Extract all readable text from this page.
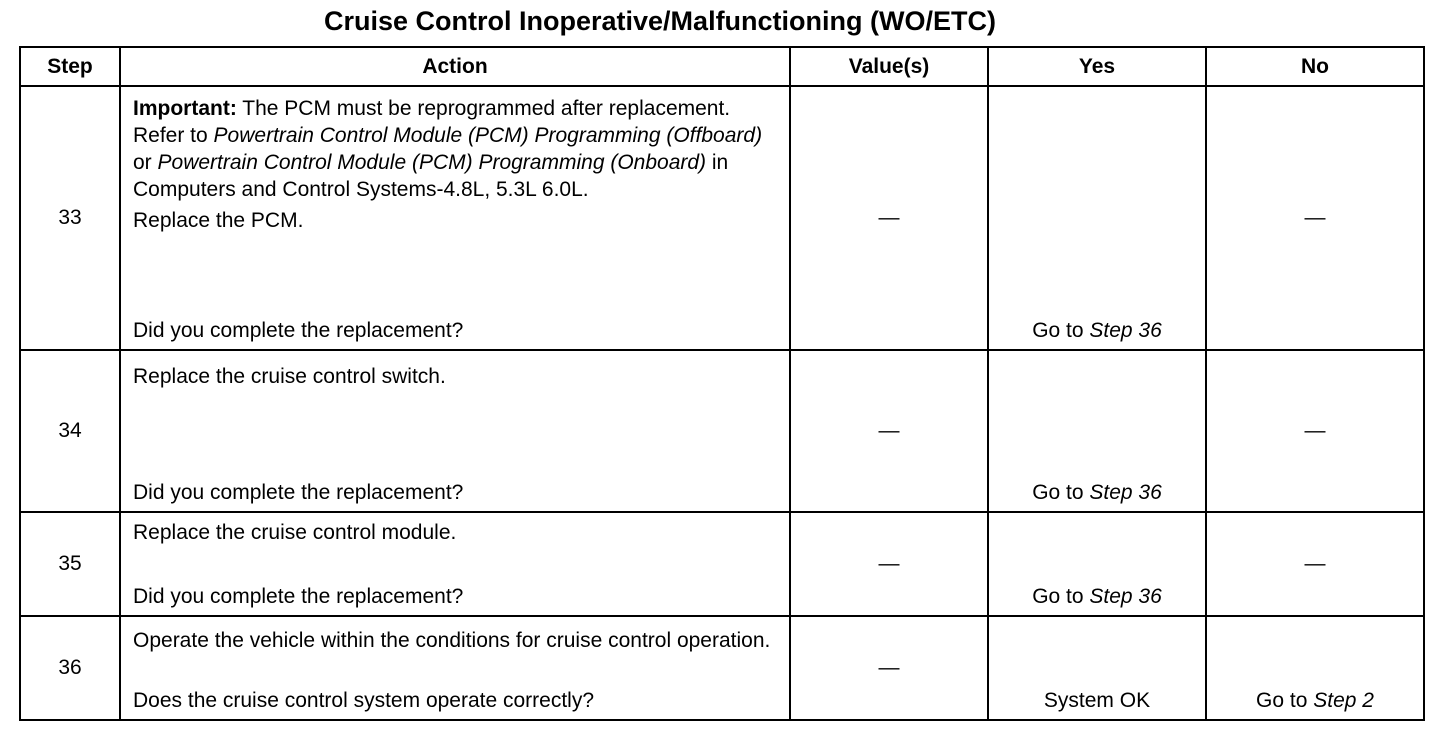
Cruise Control Inoperative/Malfunctioning (WO/ETC)
Step	Action	Value(s)	Yes	No
33	Important: The PCM must be reprogrammed after replacement. Refer to Powertrain Control Module (PCM) Programming (Offboard) or Powertrain Control Module (PCM) Programming (Onboard) in Computers and Control Systems-4.8L, 5.3L 6.0L.
Replace the PCM.
Did you complete the replacement?	—	Go to Step 36	—
34	Replace the cruise control switch.
Did you complete the replacement?	—	Go to Step 36	—
35	Replace the cruise control module.
Did you complete the replacement?	—	Go to Step 36	—
36	Operate the vehicle within the conditions for cruise control operation.
Does the cruise control system operate correctly?	—	System OK	Go to Step 2
